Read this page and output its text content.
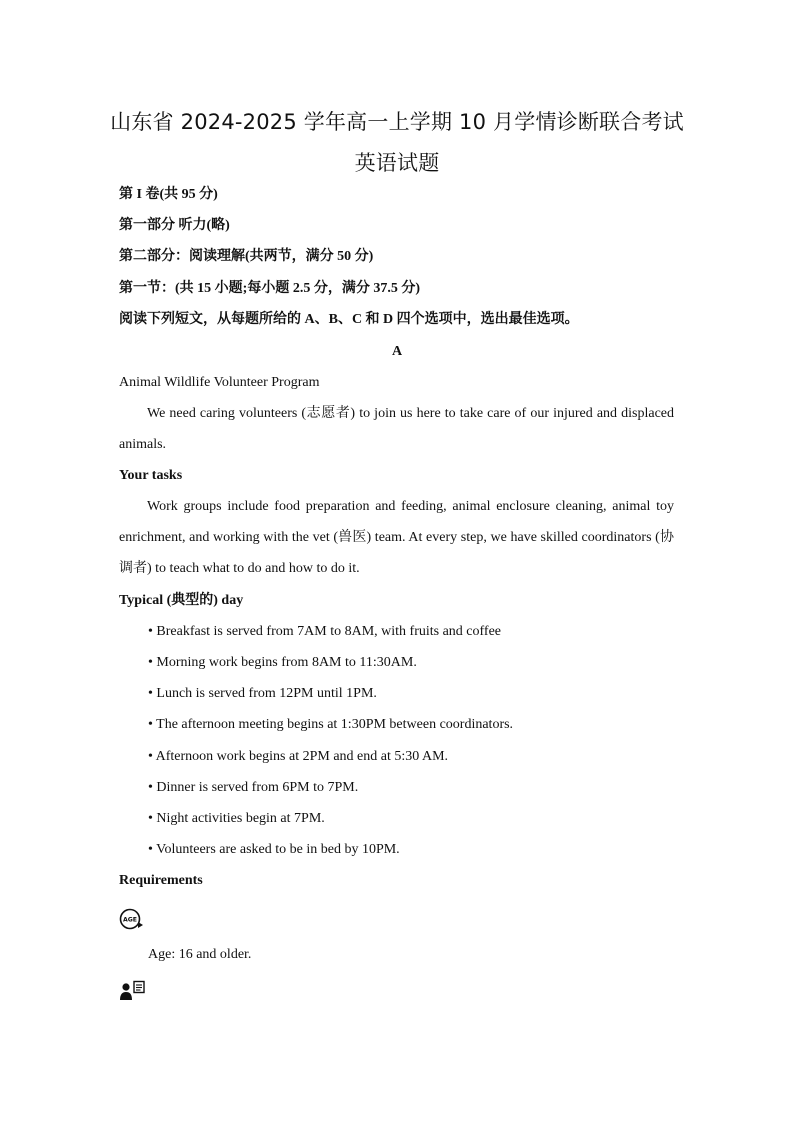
山东省 2024-2025 学年高一上学期 10 月学情诊断联合考试
英语试题
第 I 卷(共 95 分)
第一部分 听力(略)
第二部分：阅读理解(共两节，满分 50 分)
第一节：(共 15 小题;每小题 2.5 分，满分 37.5 分)
阅读下列短文，从每题所给的 A、B、C 和 D 四个选项中，选出最佳选项。
A
Animal Wildlife Volunteer Program
We need caring volunteers (志愿者) to join us here to take care of our injured and displaced animals.
Your tasks
Work groups include food preparation and feeding, animal enclosure cleaning, animal toy enrichment, and working with the vet (兽医) team. At every step, we have skilled coordinators (协调者) to teach what to do and how to do it.
Typical (典型的) day
• Breakfast is served from 7AM to 8AM, with fruits and coffee
• Morning work begins from 8AM to 11:30AM.
• Lunch is served from 12PM until 1PM.
• The afternoon meeting begins at 1:30PM between coordinators.
• Afternoon work begins at 2PM and end at 5:30 AM.
• Dinner is served from 6PM to 7PM.
• Night activities begin at 7PM.
• Volunteers are asked to be in bed by 10PM.
Requirements
AGE
Age: 16 and older.
